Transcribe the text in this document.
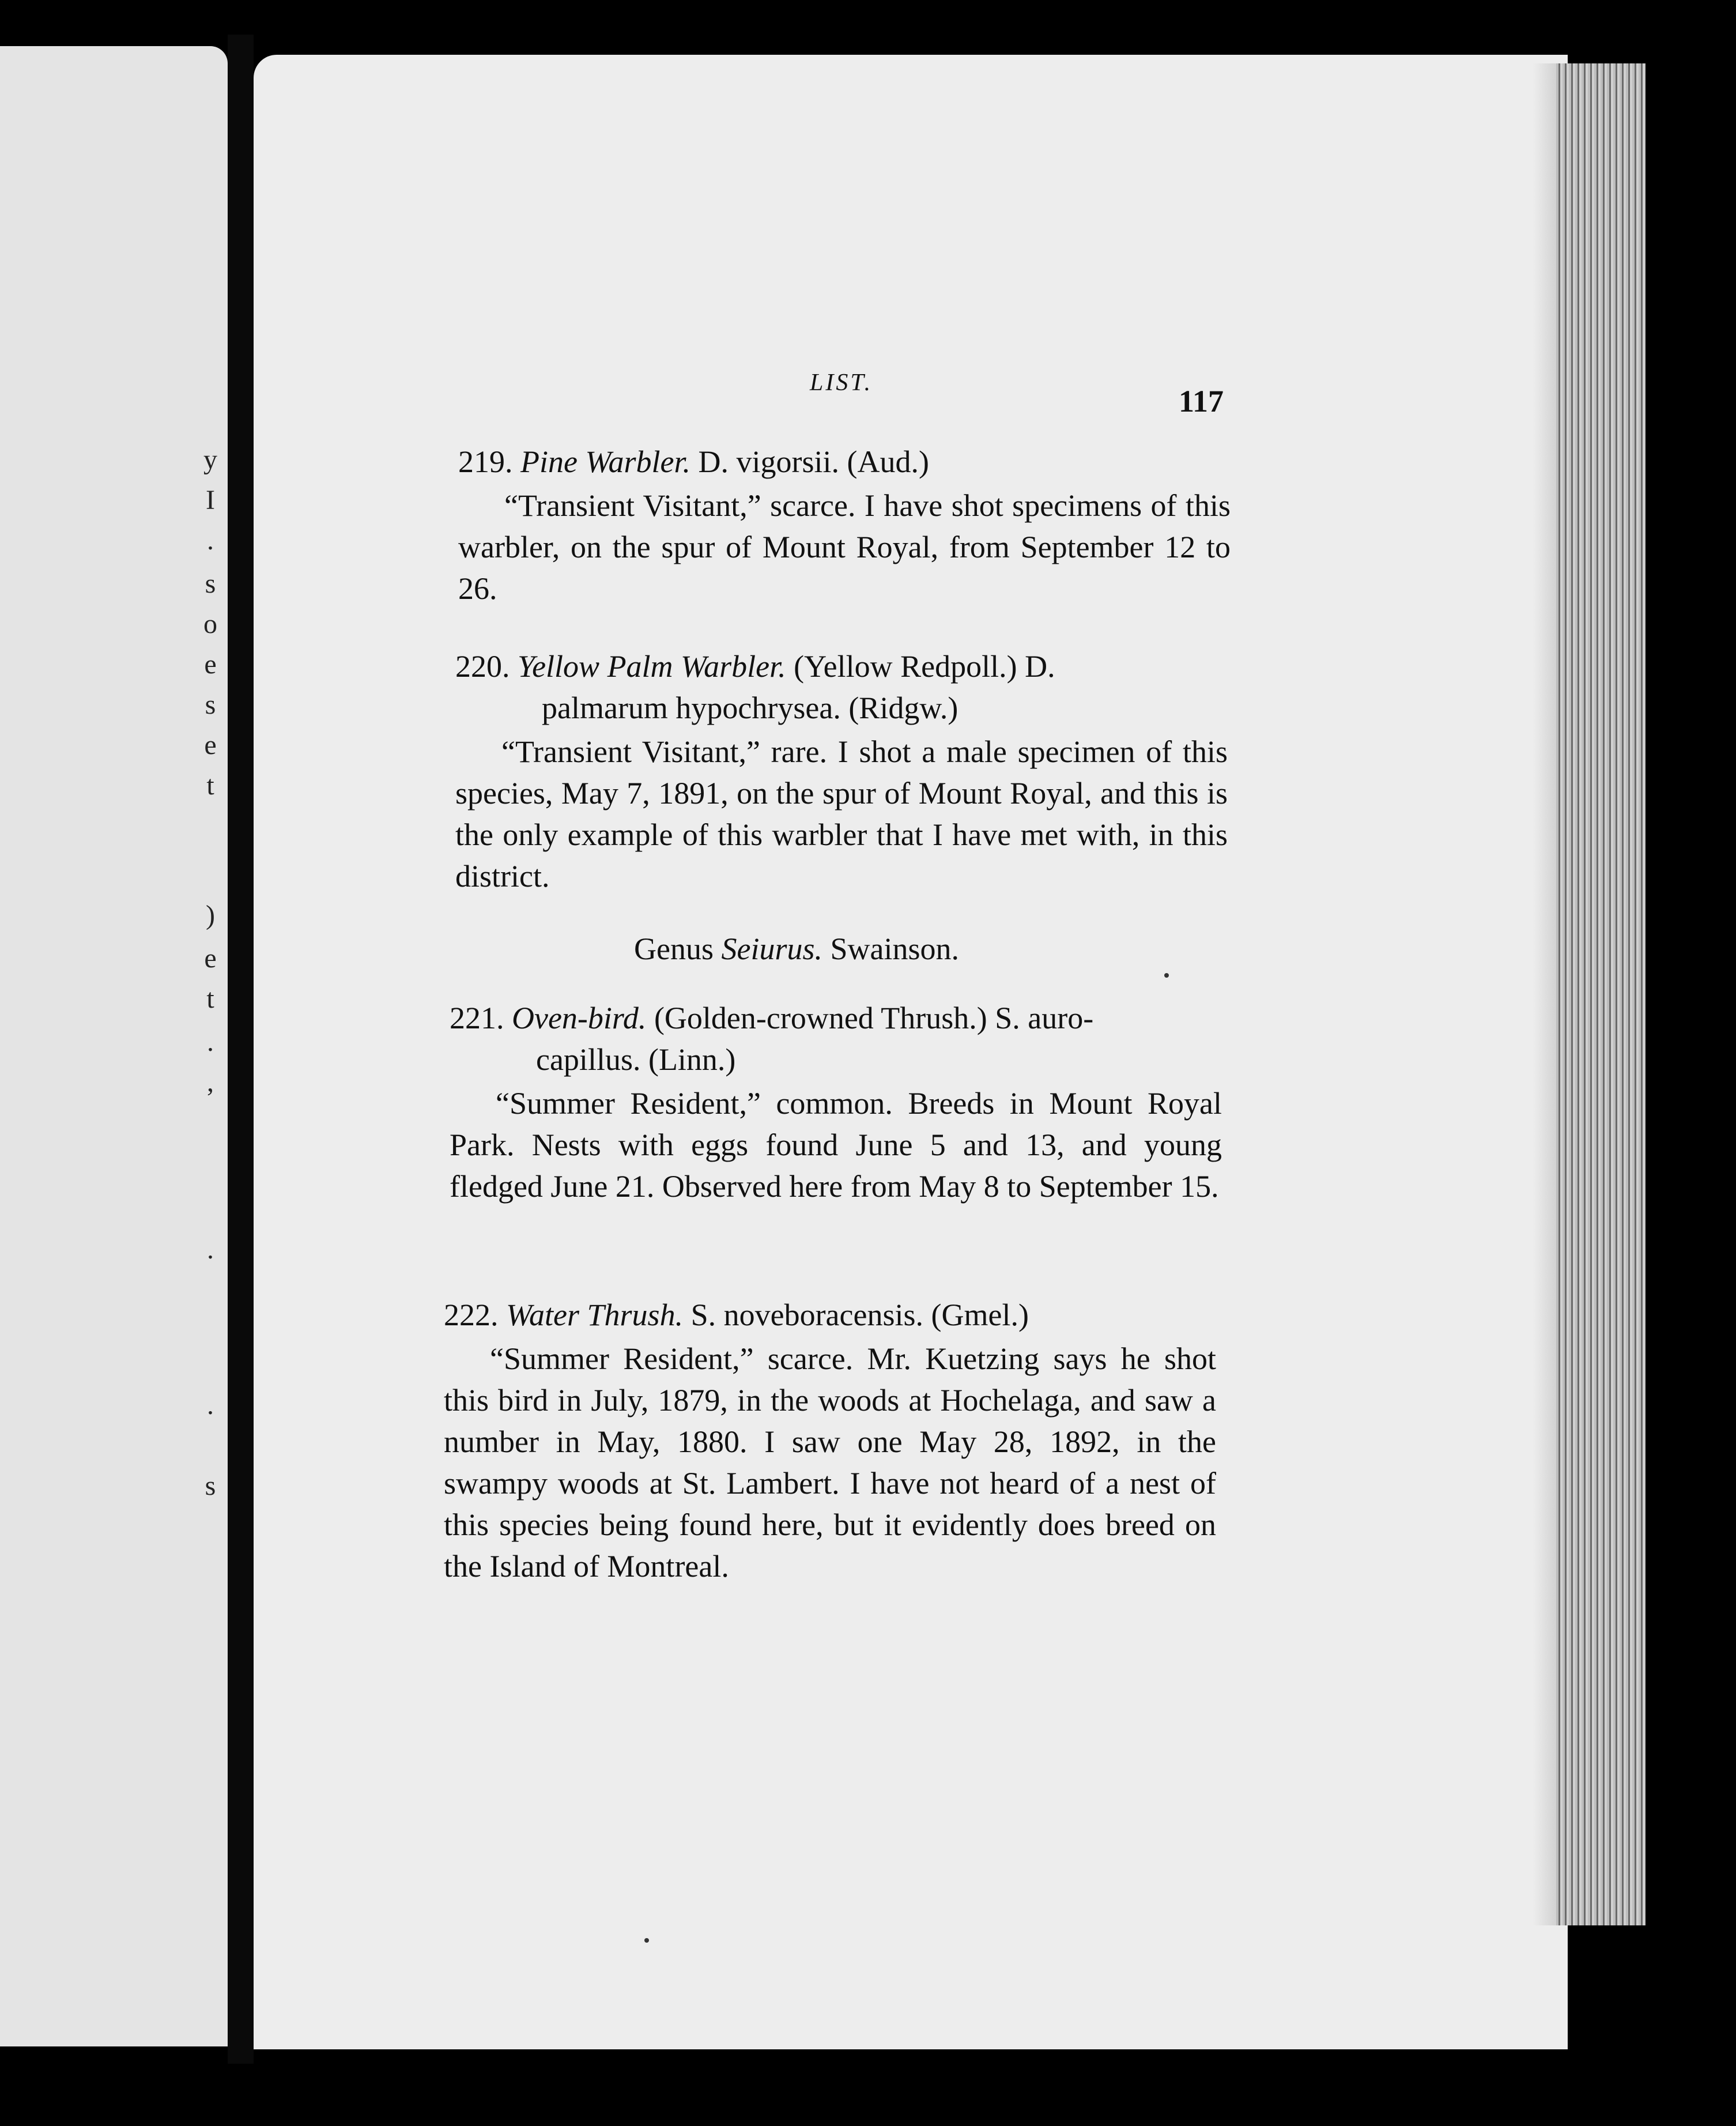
y
I
.
s
o
e
s
e
t
)
e
t
.
,
.
.
s
LIST.
117
219. Pine Warbler. D. vigorsii. (Aud.)
“Transient Visitant,” scarce. I have shot specimens of this warbler, on the spur of Mount Royal, from September 12 to 26.
220. Yellow Palm Warbler. (Yellow Redpoll.) D.
palmarum hypochrysea. (Ridgw.)
“Transient Visitant,” rare. I shot a male specimen of this species, May 7, 1891, on the spur of Mount Royal, and this is the only example of this warbler that I have met with, in this district.
Genus Seiurus. Swainson.
221. Oven-bird. (Golden-crowned Thrush.) S. auro-
capillus. (Linn.)
“Summer Resident,” common. Breeds in Mount Royal Park. Nests with eggs found June 5 and 13, and young fledged June 21. Observed here from May 8 to September 15.
222. Water Thrush. S. noveboracensis. (Gmel.)
“Summer Resident,” scarce. Mr. Kuetzing says he shot this bird in July, 1879, in the woods at Hochelaga, and saw a number in May, 1880. I saw one May 28, 1892, in the swampy woods at St. Lambert. I have not heard of a nest of this species being found here, but it evidently does breed on the Island of Montreal.
